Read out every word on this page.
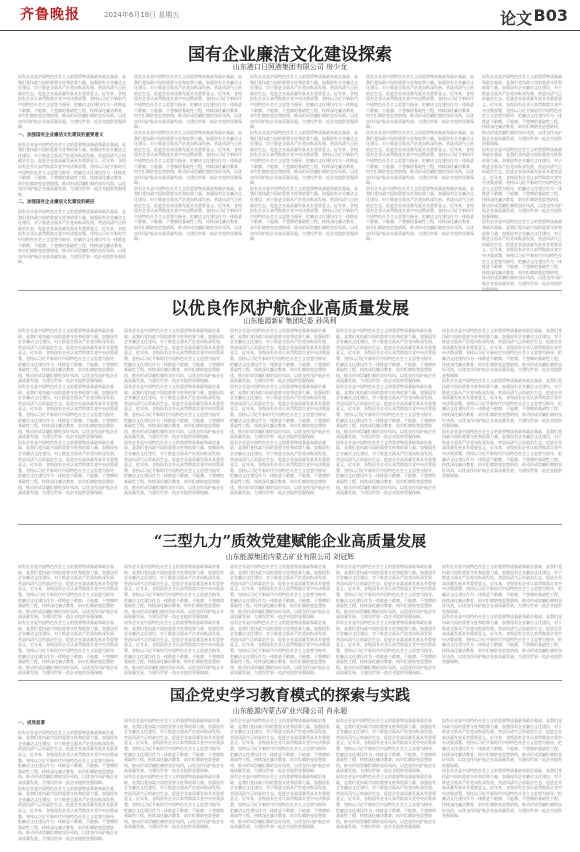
齐鲁晚报	2024年6月18日 星期五	论文 B03
国有企业廉洁文化建设探索
山东港口日照港集团有限公司 房少龙
国有企业是中国特色社会主义的重要物质基础和政治基础，是我们党执政兴国的重要支柱和依靠力量。加强国有企业廉洁文化建设，对于推进全面从严治党向纵深发展、营造风清气正的政治生态、促进企业高质量发展具有重要意义。近年来，各级国有企业认真贯彻落实党中央决策部署，坚持以习近平新时代中国特色社会主义思想为指导，把廉洁文化建设作为一体推进不敢腐、不能腐、不想腐的基础性工程，持续深化廉洁教育，筑牢拒腐防变思想防线，推动形成崇廉拒腐的良好风尚，以优良作风护航企业高质量发展，为建设世界一流企业提供坚强保障。
一、加强国有企业廉洁文化建设的重要意义
国有企业是中国特色社会主义的重要物质基础和政治基础，是我们党执政兴国的重要支柱和依靠力量。加强国有企业廉洁文化建设，对于推进全面从严治党向纵深发展、营造风清气正的政治生态、促进企业高质量发展具有重要意义。近年来，各级国有企业认真贯彻落实党中央决策部署，坚持以习近平新时代中国特色社会主义思想为指导，把廉洁文化建设作为一体推进不敢腐、不能腐、不想腐的基础性工程，持续深化廉洁教育，筑牢拒腐防变思想防线，推动形成崇廉拒腐的良好风尚，以优良作风护航企业高质量发展，为建设世界一流企业提供坚强保障。
二、加强国有企业廉洁文化建设的路径
国有企业是中国特色社会主义的重要物质基础和政治基础，是我们党执政兴国的重要支柱和依靠力量。加强国有企业廉洁文化建设，对于推进全面从严治党向纵深发展、营造风清气正的政治生态、促进企业高质量发展具有重要意义。近年来，各级国有企业认真贯彻落实党中央决策部署，坚持以习近平新时代中国特色社会主义思想为指导，把廉洁文化建设作为一体推进不敢腐、不能腐、不想腐的基础性工程，持续深化廉洁教育，筑牢拒腐防变思想防线，推动形成崇廉拒腐的良好风尚，以优良作风护航企业高质量发展，为建设世界一流企业提供坚强保障。
国有企业是中国特色社会主义的重要物质基础和政治基础，是我们党执政兴国的重要支柱和依靠力量。加强国有企业廉洁文化建设，对于推进全面从严治党向纵深发展、营造风清气正的政治生态、促进企业高质量发展具有重要意义。近年来，各级国有企业认真贯彻落实党中央决策部署，坚持以习近平新时代中国特色社会主义思想为指导，把廉洁文化建设作为一体推进不敢腐、不能腐、不想腐的基础性工程，持续深化廉洁教育，筑牢拒腐防变思想防线，推动形成崇廉拒腐的良好风尚，以优良作风护航企业高质量发展，为建设世界一流企业提供坚强保障。
国有企业是中国特色社会主义的重要物质基础和政治基础，是我们党执政兴国的重要支柱和依靠力量。加强国有企业廉洁文化建设，对于推进全面从严治党向纵深发展、营造风清气正的政治生态、促进企业高质量发展具有重要意义。近年来，各级国有企业认真贯彻落实党中央决策部署，坚持以习近平新时代中国特色社会主义思想为指导，把廉洁文化建设作为一体推进不敢腐、不能腐、不想腐的基础性工程，持续深化廉洁教育，筑牢拒腐防变思想防线，推动形成崇廉拒腐的良好风尚，以优良作风护航企业高质量发展，为建设世界一流企业提供坚强保障。
国有企业是中国特色社会主义的重要物质基础和政治基础，是我们党执政兴国的重要支柱和依靠力量。加强国有企业廉洁文化建设，对于推进全面从严治党向纵深发展、营造风清气正的政治生态、促进企业高质量发展具有重要意义。近年来，各级国有企业认真贯彻落实党中央决策部署，坚持以习近平新时代中国特色社会主义思想为指导，把廉洁文化建设作为一体推进不敢腐、不能腐、不想腐的基础性工程，持续深化廉洁教育，筑牢拒腐防变思想防线，推动形成崇廉拒腐的良好风尚，以优良作风护航企业高质量发展，为建设世界一流企业提供坚强保障。
国有企业是中国特色社会主义的重要物质基础和政治基础，是我们党执政兴国的重要支柱和依靠力量。加强国有企业廉洁文化建设，对于推进全面从严治党向纵深发展、营造风清气正的政治生态、促进企业高质量发展具有重要意义。近年来，各级国有企业认真贯彻落实党中央决策部署，坚持以习近平新时代中国特色社会主义思想为指导，把廉洁文化建设作为一体推进不敢腐、不能腐、不想腐的基础性工程，持续深化廉洁教育，筑牢拒腐防变思想防线，推动形成崇廉拒腐的良好风尚，以优良作风护航企业高质量发展，为建设世界一流企业提供坚强保障。
国有企业是中国特色社会主义的重要物质基础和政治基础，是我们党执政兴国的重要支柱和依靠力量。加强国有企业廉洁文化建设，对于推进全面从严治党向纵深发展、营造风清气正的政治生态、促进企业高质量发展具有重要意义。近年来，各级国有企业认真贯彻落实党中央决策部署，坚持以习近平新时代中国特色社会主义思想为指导，把廉洁文化建设作为一体推进不敢腐、不能腐、不想腐的基础性工程，持续深化廉洁教育，筑牢拒腐防变思想防线，推动形成崇廉拒腐的良好风尚，以优良作风护航企业高质量发展，为建设世界一流企业提供坚强保障。
国有企业是中国特色社会主义的重要物质基础和政治基础，是我们党执政兴国的重要支柱和依靠力量。加强国有企业廉洁文化建设，对于推进全面从严治党向纵深发展、营造风清气正的政治生态、促进企业高质量发展具有重要意义。近年来，各级国有企业认真贯彻落实党中央决策部署，坚持以习近平新时代中国特色社会主义思想为指导，把廉洁文化建设作为一体推进不敢腐、不能腐、不想腐的基础性工程，持续深化廉洁教育，筑牢拒腐防变思想防线，推动形成崇廉拒腐的良好风尚，以优良作风护航企业高质量发展，为建设世界一流企业提供坚强保障。
国有企业是中国特色社会主义的重要物质基础和政治基础，是我们党执政兴国的重要支柱和依靠力量。加强国有企业廉洁文化建设，对于推进全面从严治党向纵深发展、营造风清气正的政治生态、促进企业高质量发展具有重要意义。近年来，各级国有企业认真贯彻落实党中央决策部署，坚持以习近平新时代中国特色社会主义思想为指导，把廉洁文化建设作为一体推进不敢腐、不能腐、不想腐的基础性工程，持续深化廉洁教育，筑牢拒腐防变思想防线，推动形成崇廉拒腐的良好风尚，以优良作风护航企业高质量发展，为建设世界一流企业提供坚强保障。
国有企业是中国特色社会主义的重要物质基础和政治基础，是我们党执政兴国的重要支柱和依靠力量。加强国有企业廉洁文化建设，对于推进全面从严治党向纵深发展、营造风清气正的政治生态、促进企业高质量发展具有重要意义。近年来，各级国有企业认真贯彻落实党中央决策部署，坚持以习近平新时代中国特色社会主义思想为指导，把廉洁文化建设作为一体推进不敢腐、不能腐、不想腐的基础性工程，持续深化廉洁教育，筑牢拒腐防变思想防线，推动形成崇廉拒腐的良好风尚，以优良作风护航企业高质量发展，为建设世界一流企业提供坚强保障。
国有企业是中国特色社会主义的重要物质基础和政治基础，是我们党执政兴国的重要支柱和依靠力量。加强国有企业廉洁文化建设，对于推进全面从严治党向纵深发展、营造风清气正的政治生态、促进企业高质量发展具有重要意义。近年来，各级国有企业认真贯彻落实党中央决策部署，坚持以习近平新时代中国特色社会主义思想为指导，把廉洁文化建设作为一体推进不敢腐、不能腐、不想腐的基础性工程，持续深化廉洁教育，筑牢拒腐防变思想防线，推动形成崇廉拒腐的良好风尚，以优良作风护航企业高质量发展，为建设世界一流企业提供坚强保障。
国有企业是中国特色社会主义的重要物质基础和政治基础，是我们党执政兴国的重要支柱和依靠力量。加强国有企业廉洁文化建设，对于推进全面从严治党向纵深发展、营造风清气正的政治生态、促进企业高质量发展具有重要意义。近年来，各级国有企业认真贯彻落实党中央决策部署，坚持以习近平新时代中国特色社会主义思想为指导，把廉洁文化建设作为一体推进不敢腐、不能腐、不想腐的基础性工程，持续深化廉洁教育，筑牢拒腐防变思想防线，推动形成崇廉拒腐的良好风尚，以优良作风护航企业高质量发展，为建设世界一流企业提供坚强保障。
国有企业是中国特色社会主义的重要物质基础和政治基础，是我们党执政兴国的重要支柱和依靠力量。加强国有企业廉洁文化建设，对于推进全面从严治党向纵深发展、营造风清气正的政治生态、促进企业高质量发展具有重要意义。近年来，各级国有企业认真贯彻落实党中央决策部署，坚持以习近平新时代中国特色社会主义思想为指导，把廉洁文化建设作为一体推进不敢腐、不能腐、不想腐的基础性工程，持续深化廉洁教育，筑牢拒腐防变思想防线，推动形成崇廉拒腐的良好风尚，以优良作风护航企业高质量发展，为建设世界一流企业提供坚强保障。
国有企业是中国特色社会主义的重要物质基础和政治基础，是我们党执政兴国的重要支柱和依靠力量。加强国有企业廉洁文化建设，对于推进全面从严治党向纵深发展、营造风清气正的政治生态、促进企业高质量发展具有重要意义。近年来，各级国有企业认真贯彻落实党中央决策部署，坚持以习近平新时代中国特色社会主义思想为指导，把廉洁文化建设作为一体推进不敢腐、不能腐、不想腐的基础性工程，持续深化廉洁教育，筑牢拒腐防变思想防线，推动形成崇廉拒腐的良好风尚，以优良作风护航企业高质量发展，为建设世界一流企业提供
以优良作风护航企业高质量发展
山东能源新矿集团纪委 孙凤利
国有企业是中国特色社会主义的重要物质基础和政治基础，是我们党执政兴国的重要支柱和依靠力量。加强国有企业廉洁文化建设，对于推进全面从严治党向纵深发展、营造风清气正的政治生态、促进企业高质量发展具有重要意义。近年来，各级国有企业认真贯彻落实党中央决策部署，坚持以习近平新时代中国特色社会主义思想为指导，把廉洁文化建设作为一体推进不敢腐、不能腐、不想腐的基础性工程，持续深化廉洁教育，筑牢拒腐防变思想防线，推动形成崇廉拒腐的良好风尚，以优良作风护航企业高质量发展，为建设世界一流企业提供坚强保障。
国有企业是中国特色社会主义的重要物质基础和政治基础，是我们党执政兴国的重要支柱和依靠力量。加强国有企业廉洁文化建设，对于推进全面从严治党向纵深发展、营造风清气正的政治生态、促进企业高质量发展具有重要意义。近年来，各级国有企业认真贯彻落实党中央决策部署，坚持以习近平新时代中国特色社会主义思想为指导，把廉洁文化建设作为一体推进不敢腐、不能腐、不想腐的基础性工程，持续深化廉洁教育，筑牢拒腐防变思想防线，推动形成崇廉拒腐的良好风尚，以优良作风护航企业高质量发展，为建设世界一流企业提供坚强保障。
国有企业是中国特色社会主义的重要物质基础和政治基础，是我们党执政兴国的重要支柱和依靠力量。加强国有企业廉洁文化建设，对于推进全面从严治党向纵深发展、营造风清气正的政治生态、促进企业高质量发展具有重要意义。近年来，各级国有企业认真贯彻落实党中央决策部署，坚持以习近平新时代中国特色社会主义思想为指导，把廉洁文化建设作为一体推进不敢腐、不能腐、不想腐的基础性工程，持续深化廉洁教育，筑牢拒腐防变思想防线，推动形成崇廉拒腐的良好风尚，以优良作风护航企业高质量发展，为建设世界一流企业提供坚强保障。
国有企业是中国特色社会主义的重要物质基础和政治基础，是我们党执政兴国的重要支柱和依靠力量。加强国有企业廉洁文化建设，对于推进全面从严治党向纵深发展、营造风清气正的政治生态、促进企业高质量发展具有重要意义。近年来，各级国有企业认真贯彻落实党中央决策部署，坚持以习近平新时代中国特色社会主义思想为指导，把廉洁文化建设作为一体推进不敢腐、不能腐、不想腐的基础性工程，持续深化廉洁教育，筑牢拒腐防变思想防线，推动形成崇廉拒腐的良好风尚，以优良作风护航企业高质量发展，为建设世界一流企业提供坚强保障。
国有企业是中国特色社会主义的重要物质基础和政治基础，是我们党执政兴国的重要支柱和依靠力量。加强国有企业廉洁文化建设，对于推进全面从严治党向纵深发展、营造风清气正的政治生态、促进企业高质量发展具有重要意义。近年来，各级国有企业认真贯彻落实党中央决策部署，坚持以习近平新时代中国特色社会主义思想为指导，把廉洁文化建设作为一体推进不敢腐、不能腐、不想腐的基础性工程，持续深化廉洁教育，筑牢拒腐防变思想防线，推动形成崇廉拒腐的良好风尚，以优良作风护航企业高质量发展，为建设世界一流企业提供坚强保障。
国有企业是中国特色社会主义的重要物质基础和政治基础，是我们党执政兴国的重要支柱和依靠力量。加强国有企业廉洁文化建设，对于推进全面从严治党向纵深发展、营造风清气正的政治生态、促进企业高质量发展具有重要意义。近年来，各级国有企业认真贯彻落实党中央决策部署，坚持以习近平新时代中国特色社会主义思想为指导，把廉洁文化建设作为一体推进不敢腐、不能腐、不想腐的基础性工程，持续深化廉洁教育，筑牢拒腐防变思想防线，推动形成崇廉拒腐的良好风尚，以优良作风护航企业高质量发展，为建设世界一流企业提供坚强保障。
国有企业是中国特色社会主义的重要物质基础和政治基础，是我们党执政兴国的重要支柱和依靠力量。加强国有企业廉洁文化建设，对于推进全面从严治党向纵深发展、营造风清气正的政治生态、促进企业高质量发展具有重要意义。近年来，各级国有企业认真贯彻落实党中央决策部署，坚持以习近平新时代中国特色社会主义思想为指导，把廉洁文化建设作为一体推进不敢腐、不能腐、不想腐的基础性工程，持续深化廉洁教育，筑牢拒腐防变思想防线，推动形成崇廉拒腐的良好风尚，以优良作风护航企业高质量发展，为建设世界一流企业提供坚强保障。
国有企业是中国特色社会主义的重要物质基础和政治基础，是我们党执政兴国的重要支柱和依靠力量。加强国有企业廉洁文化建设，对于推进全面从严治党向纵深发展、营造风清气正的政治生态、促进企业高质量发展具有重要意义。近年来，各级国有企业认真贯彻落实党中央决策部署，坚持以习近平新时代中国特色社会主义思想为指导，把廉洁文化建设作为一体推进不敢腐、不能腐、不想腐的基础性工程，持续深化廉洁教育，筑牢拒腐防变思想防线，推动形成崇廉拒腐的良好风尚，以优良作风护航企业高质量发展，为建设世界一流企业提供坚强保障。
国有企业是中国特色社会主义的重要物质基础和政治基础，是我们党执政兴国的重要支柱和依靠力量。加强国有企业廉洁文化建设，对于推进全面从严治党向纵深发展、营造风清气正的政治生态、促进企业高质量发展具有重要意义。近年来，各级国有企业认真贯彻落实党中央决策部署，坚持以习近平新时代中国特色社会主义思想为指导，把廉洁文化建设作为一体推进不敢腐、不能腐、不想腐的基础性工程，持续深化廉洁教育，筑牢拒腐防变思想防线，推动形成崇廉拒腐的良好风尚，以优良作风护航企业高质量发展，为建设世界一流企业提供坚强保障。
国有企业是中国特色社会主义的重要物质基础和政治基础，是我们党执政兴国的重要支柱和依靠力量。加强国有企业廉洁文化建设，对于推进全面从严治党向纵深发展、营造风清气正的政治生态、促进企业高质量发展具有重要意义。近年来，各级国有企业认真贯彻落实党中央决策部署，坚持以习近平新时代中国特色社会主义思想为指导，把廉洁文化建设作为一体推进不敢腐、不能腐、不想腐的基础性工程，持续深化廉洁教育，筑牢拒腐防变思想防线，推动形成崇廉拒腐的良好风尚，以优良作风护航企业高质量发展，为建设世界一流企业提供坚强保障。
国有企业是中国特色社会主义的重要物质基础和政治基础，是我们党执政兴国的重要支柱和依靠力量。加强国有企业廉洁文化建设，对于推进全面从严治党向纵深发展、营造风清气正的政治生态、促进企业高质量发展具有重要意义。近年来，各级国有企业认真贯彻落实党中央决策部署，坚持以习近平新时代中国特色社会主义思想为指导，把廉洁文化建设作为一体推进不敢腐、不能腐、不想腐的基础性工程，持续深化廉洁教育，筑牢拒腐防变思想防线，推动形成崇廉拒腐的良好风尚，以优良作风护航企业高质量发展，为建设世界一流企业提供坚强保障。
国有企业是中国特色社会主义的重要物质基础和政治基础，是我们党执政兴国的重要支柱和依靠力量。加强国有企业廉洁文化建设，对于推进全面从严治党向纵深发展、营造风清气正的政治生态、促进企业高质量发展具有重要意义。近年来，各级国有企业认真贯彻落实党中央决策部署，坚持以习近平新时代中国特色社会主义思想为指导，把廉洁文化建设作为一体推进不敢腐、不能腐、不想腐的基础性工程，持续深化廉洁教育，筑牢拒腐防变思想防线，推动形成崇廉拒腐的良好风尚，以优良作风护航企业高质量发展，为建设世界一流企业提供坚强保障。
国有企业是中国特色社会主义的重要物质基础和政治基础，是我们党执政兴国的重要支柱和依靠力量。加强国有企业廉洁文化建设，对于推进全面从严治党向纵深发展、营造风清气正的政治生态、促进企业高质量发展具有重要意义。近年来，各级国有企业认真贯彻落实党中央决策部署，坚持以习近平新时代中国特色社会主义思想为指导，把廉洁文化建设作为一体推进不敢腐、不能腐、不想腐的基础性工程，持续深化廉洁教育，筑牢拒腐防变思想防线，推动形成崇廉拒腐的良好风尚，以优良作风护航企业高质量发展，为建设世界一流企业提供坚强保障。
国有企业是中国特色社会主义的重要物质基础和政治基础，是我们党执政兴国的重要支柱和依靠力量。加强国有企业廉洁文化建设，对于推进全面从严治党向纵深发展、营造风清气正的政治生态、促进企业高质量发展具有重要意义。近年来，各级国有企业认真贯彻落实党中央决策部署，坚持以习近平新时代中国特色社会主义思想为指导，把廉洁文化建设作为一体推进不敢腐、不能腐、不想腐的基础性工程，持续深化廉洁教育，筑牢拒腐防变思想防线，推动形成崇廉拒腐的良好风尚，以优良作风护航企业高质量发展，为建设世界一流企业提供坚强保障。
国有企业是中国特色社会主义的重要物质基础和政治基础，是我们党执政兴国的重要支柱和依靠力量。加强国有企业廉洁文化建设，对于推进全面从严治党向纵深发展、营造风清气正的政治生态、促进企业高质量发展具有重要意义。近年来，各级国有企业认真贯彻落实党中央决策部署，坚持以习近平新时代中国特色社会主义思想为指导，把廉洁文化建设作为一体推进不敢腐、不能腐、不想腐的基础性工程，持续深化廉洁教育，筑牢拒腐防变思想防线，推动形成崇廉拒腐的良好风尚，以优良作风护航企业高质量发展，为建设世界一流企业提供坚强保障。
“三型九力”质效党建赋能企业高质量发展
山东能源集团内蒙古矿业有限公司 刘冠辉
国有企业是中国特色社会主义的重要物质基础和政治基础，是我们党执政兴国的重要支柱和依靠力量。加强国有企业廉洁文化建设，对于推进全面从严治党向纵深发展、营造风清气正的政治生态、促进企业高质量发展具有重要意义。近年来，各级国有企业认真贯彻落实党中央决策部署，坚持以习近平新时代中国特色社会主义思想为指导，把廉洁文化建设作为一体推进不敢腐、不能腐、不想腐的基础性工程，持续深化廉洁教育，筑牢拒腐防变思想防线，推动形成崇廉拒腐的良好风尚，以优良作风护航企业高质量发展，为建设世界一流企业提供坚强保障。
国有企业是中国特色社会主义的重要物质基础和政治基础，是我们党执政兴国的重要支柱和依靠力量。加强国有企业廉洁文化建设，对于推进全面从严治党向纵深发展、营造风清气正的政治生态、促进企业高质量发展具有重要意义。近年来，各级国有企业认真贯彻落实党中央决策部署，坚持以习近平新时代中国特色社会主义思想为指导，把廉洁文化建设作为一体推进不敢腐、不能腐、不想腐的基础性工程，持续深化廉洁教育，筑牢拒腐防变思想防线，推动形成崇廉拒腐的良好风尚，以优良作风护航企业高质量发展，为建设世界一流企业提供坚强保障。
国有企业是中国特色社会主义的重要物质基础和政治基础，是我们党执政兴国的重要支柱和依靠力量。加强国有企业廉洁文化建设，对于推进全面从严治党向纵深发展、营造风清气正的政治生态、促进企业高质量发展具有重要意义。近年来，各级国有企业认真贯彻落实党中央决策部署，坚持以习近平新时代中国特色社会主义思想为指导，把廉洁文化建设作为一体推进不敢腐、不能腐、不想腐的基础性工程，持续深化廉洁教育，筑牢拒腐防变思想防线，推动形成崇廉拒腐的良好风尚，以优良作风护航企业高质量发展，为建设世界一流企业提供坚强保障。
国有企业是中国特色社会主义的重要物质基础和政治基础，是我们党执政兴国的重要支柱和依靠力量。加强国有企业廉洁文化建设，对于推进全面从严治党向纵深发展、营造风清气正的政治生态、促进企业高质量发展具有重要意义。近年来，各级国有企业认真贯彻落实党中央决策部署，坚持以习近平新时代中国特色社会主义思想为指导，把廉洁文化建设作为一体推进不敢腐、不能腐、不想腐的基础性工程，持续深化廉洁教育，筑牢拒腐防变思想防线，推动形成崇廉拒腐的良好风尚，以优良作风护航企业高质量发展，为建设世界一流企业提供坚强保障。
国有企业是中国特色社会主义的重要物质基础和政治基础，是我们党执政兴国的重要支柱和依靠力量。加强国有企业廉洁文化建设，对于推进全面从严治党向纵深发展、营造风清气正的政治生态、促进企业高质量发展具有重要意义。近年来，各级国有企业认真贯彻落实党中央决策部署，坚持以习近平新时代中国特色社会主义思想为指导，把廉洁文化建设作为一体推进不敢腐、不能腐、不想腐的基础性工程，持续深化廉洁教育，筑牢拒腐防变思想防线，推动形成崇廉拒腐的良好风尚，以优良作风护航企业高质量发展，为建设世界一流企业提供坚强保障。
国有企业是中国特色社会主义的重要物质基础和政治基础，是我们党执政兴国的重要支柱和依靠力量。加强国有企业廉洁文化建设，对于推进全面从严治党向纵深发展、营造风清气正的政治生态、促进企业高质量发展具有重要意义。近年来，各级国有企业认真贯彻落实党中央决策部署，坚持以习近平新时代中国特色社会主义思想为指导，把廉洁文化建设作为一体推进不敢腐、不能腐、不想腐的基础性工程，持续深化廉洁教育，筑牢拒腐防变思想防线，推动形成崇廉拒腐的良好风尚，以优良作风护航企业高质量发展，为建设世界一流企业提供坚强保障。
国有企业是中国特色社会主义的重要物质基础和政治基础，是我们党执政兴国的重要支柱和依靠力量。加强国有企业廉洁文化建设，对于推进全面从严治党向纵深发展、营造风清气正的政治生态、促进企业高质量发展具有重要意义。近年来，各级国有企业认真贯彻落实党中央决策部署，坚持以习近平新时代中国特色社会主义思想为指导，把廉洁文化建设作为一体推进不敢腐、不能腐、不想腐的基础性工程，持续深化廉洁教育，筑牢拒腐防变思想防线，推动形成崇廉拒腐的良好风尚，以优良作风护航企业高质量发展，为建设世界一流企业提供坚强保障。
国有企业是中国特色社会主义的重要物质基础和政治基础，是我们党执政兴国的重要支柱和依靠力量。加强国有企业廉洁文化建设，对于推进全面从严治党向纵深发展、营造风清气正的政治生态、促进企业高质量发展具有重要意义。近年来，各级国有企业认真贯彻落实党中央决策部署，坚持以习近平新时代中国特色社会主义思想为指导，把廉洁文化建设作为一体推进不敢腐、不能腐、不想腐的基础性工程，持续深化廉洁教育，筑牢拒腐防变思想防线，推动形成崇廉拒腐的良好风尚，以优良作风护航企业高质量发展，为建设世界一流企业提供坚强保障。
国有企业是中国特色社会主义的重要物质基础和政治基础，是我们党执政兴国的重要支柱和依靠力量。加强国有企业廉洁文化建设，对于推进全面从严治党向纵深发展、营造风清气正的政治生态、促进企业高质量发展具有重要意义。近年来，各级国有企业认真贯彻落实党中央决策部署，坚持以习近平新时代中国特色社会主义思想为指导，把廉洁文化建设作为一体推进不敢腐、不能腐、不想腐的基础性工程，持续深化廉洁教育，筑牢拒腐防变思想防线，推动形成崇廉拒腐的良好风尚，以优良作风护航企业高质量发展，为建设世界一流企业提供坚强保障。
国有企业是中国特色社会主义的重要物质基础和政治基础，是我们党执政兴国的重要支柱和依靠力量。加强国有企业廉洁文化建设，对于推进全面从严治党向纵深发展、营造风清气正的政治生态、促进企业高质量发展具有重要意义。近年来，各级国有企业认真贯彻落实党中央决策部署，坚持以习近平新时代中国特色社会主义思想为指导，把廉洁文化建设作为一体推进不敢腐、不能腐、不想腐的基础性工程，持续深化廉洁教育，筑牢拒腐防变思想防线，推动形成崇廉拒腐的良好风尚，以优良作风护航企业高质量发展，为建设世界一流企业提供坚强保障。
国企党史学习教育模式的探索与实践
山东能源内蒙古矿业兴隆公司 肖永超
一、成效显著
国有企业是中国特色社会主义的重要物质基础和政治基础，是我们党执政兴国的重要支柱和依靠力量。加强国有企业廉洁文化建设，对于推进全面从严治党向纵深发展、营造风清气正的政治生态、促进企业高质量发展具有重要意义。近年来，各级国有企业认真贯彻落实党中央决策部署，坚持以习近平新时代中国特色社会主义思想为指导，把廉洁文化建设作为一体推进不敢腐、不能腐、不想腐的基础性工程，持续深化廉洁教育，筑牢拒腐防变思想防线，推动形成崇廉拒腐的良好风尚，以优良作风护航企业高质量发展，为建设世界一流企业提供坚强保障。
国有企业是中国特色社会主义的重要物质基础和政治基础，是我们党执政兴国的重要支柱和依靠力量。加强国有企业廉洁文化建设，对于推进全面从严治党向纵深发展、营造风清气正的政治生态、促进企业高质量发展具有重要意义。近年来，各级国有企业认真贯彻落实党中央决策部署，坚持以习近平新时代中国特色社会主义思想为指导，把廉洁文化建设作为一体推进不敢腐、不能腐、不想腐的基础性工程，持续深化廉洁教育，筑牢拒腐防变思想防线，推动形成崇廉拒腐的良好风尚，以优良作风护航企业高质量发展，为建设世界一流企业提供坚强保障。
国有企业是中国特色社会主义的重要物质基础和政治基础，是我们党执政兴国的重要支柱和依靠力量。加强国有企业廉洁文化建设，对于推进全面从严治党向纵深发展、营造风清气正的政治生态、促进企业高质量发展具有重要意义。近年来，各级国有企业认真贯彻落实党中央决策部署，坚持以习近平新时代中国特色社会主义思想为指导，把廉洁文化建设作为一体推进不敢腐、不能腐、不想腐的基础性工程，持续深化廉洁教育，筑牢拒腐防变思想防线，推动形成崇廉拒腐的良好风尚，以优良作风护航企业高质量发展，为建设世界一流企业提供坚强保障。
国有企业是中国特色社会主义的重要物质基础和政治基础，是我们党执政兴国的重要支柱和依靠力量。加强国有企业廉洁文化建设，对于推进全面从严治党向纵深发展、营造风清气正的政治生态、促进企业高质量发展具有重要意义。近年来，各级国有企业认真贯彻落实党中央决策部署，坚持以习近平新时代中国特色社会主义思想为指导，把廉洁文化建设作为一体推进不敢腐、不能腐、不想腐的基础性工程，持续深化廉洁教育，筑牢拒腐防变思想防线，推动形成崇廉拒腐的良好风尚，以优良作风护航企业高质量发展，为建设世界一流企业提供坚强保障。
国有企业是中国特色社会主义的重要物质基础和政治基础，是我们党执政兴国的重要支柱和依靠力量。加强国有企业廉洁文化建设，对于推进全面从严治党向纵深发展、营造风清气正的政治生态、促进企业高质量发展具有重要意义。近年来，各级国有企业认真贯彻落实党中央决策部署，坚持以习近平新时代中国特色社会主义思想为指导，把廉洁文化建设作为一体推进不敢腐、不能腐、不想腐的基础性工程，持续深化廉洁教育，筑牢拒腐防变思想防线，推动形成崇廉拒腐的良好风尚，以优良作风护航企业高质量发展，为建设世界一流企业提供坚强保障。
国有企业是中国特色社会主义的重要物质基础和政治基础，是我们党执政兴国的重要支柱和依靠力量。加强国有企业廉洁文化建设，对于推进全面从严治党向纵深发展、营造风清气正的政治生态、促进企业高质量发展具有重要意义。近年来，各级国有企业认真贯彻落实党中央决策部署，坚持以习近平新时代中国特色社会主义思想为指导，把廉洁文化建设作为一体推进不敢腐、不能腐、不想腐的基础性工程，持续深化廉洁教育，筑牢拒腐防变思想防线，推动形成崇廉拒腐的良好风尚，以优良作风护航企业高质量发展，为建设世界一流企业提供坚强保障。
国有企业是中国特色社会主义的重要物质基础和政治基础，是我们党执政兴国的重要支柱和依靠力量。加强国有企业廉洁文化建设，对于推进全面从严治党向纵深发展、营造风清气正的政治生态、促进企业高质量发展具有重要意义。近年来，各级国有企业认真贯彻落实党中央决策部署，坚持以习近平新时代中国特色社会主义思想为指导，把廉洁文化建设作为一体推进不敢腐、不能腐、不想腐的基础性工程，持续深化廉洁教育，筑牢拒腐防变思想防线，推动形成崇廉拒腐的良好风尚，以优良作风护航企业高质量发展，为建设世界一流企业提供坚强保障。
国有企业是中国特色社会主义的重要物质基础和政治基础，是我们党执政兴国的重要支柱和依靠力量。加强国有企业廉洁文化建设，对于推进全面从严治党向纵深发展、营造风清气正的政治生态、促进企业高质量发展具有重要意义。近年来，各级国有企业认真贯彻落实党中央决策部署，坚持以习近平新时代中国特色社会主义思想为指导，把廉洁文化建设作为一体推进不敢腐、不能腐、不想腐的基础性工程，持续深化廉洁教育，筑牢拒腐防变思想防线，推动形成崇廉拒腐的良好风尚，以优良作风护航企业高质量发展，为建设世界一流企业提供坚强保障。
国有企业是中国特色社会主义的重要物质基础和政治基础，是我们党执政兴国的重要支柱和依靠力量。加强国有企业廉洁文化建设，对于推进全面从严治党向纵深发展、营造风清气正的政治生态、促进企业高质量发展具有重要意义。近年来，各级国有企业认真贯彻落实党中央决策部署，坚持以习近平新时代中国特色社会主义思想为指导，把廉洁文化建设作为一体推进不敢腐、不能腐、不想腐的基础性工程，持续深化廉洁教育，筑牢拒腐防变思想防线，推动形成崇廉拒腐的良好风尚，以优良作风护航企业高质量发展，为建设世界一流企业提供坚强保障。
国有企业是中国特色社会主义的重要物质基础和政治基础，是我们党执政兴国的重要支柱和依靠力量。加强国有企业廉洁文化建设，对于推进全面从严治党向纵深发展、营造风清气正的政治生态、促进企业高质量发展具有重要意义。近年来，各级国有企业认真贯彻落实党中央决策部署，坚持以习近平新时代中国特色社会主义思想为指导，把廉洁文化建设作为一体推进不敢腐、不能腐、不想腐的基础性工程，持续深化廉洁教育，筑牢拒腐防变思想防线，推动形成崇廉拒腐的良好风尚，以优良作风护航企业高质量发展，为建设世界一流企业提供坚强保障。
